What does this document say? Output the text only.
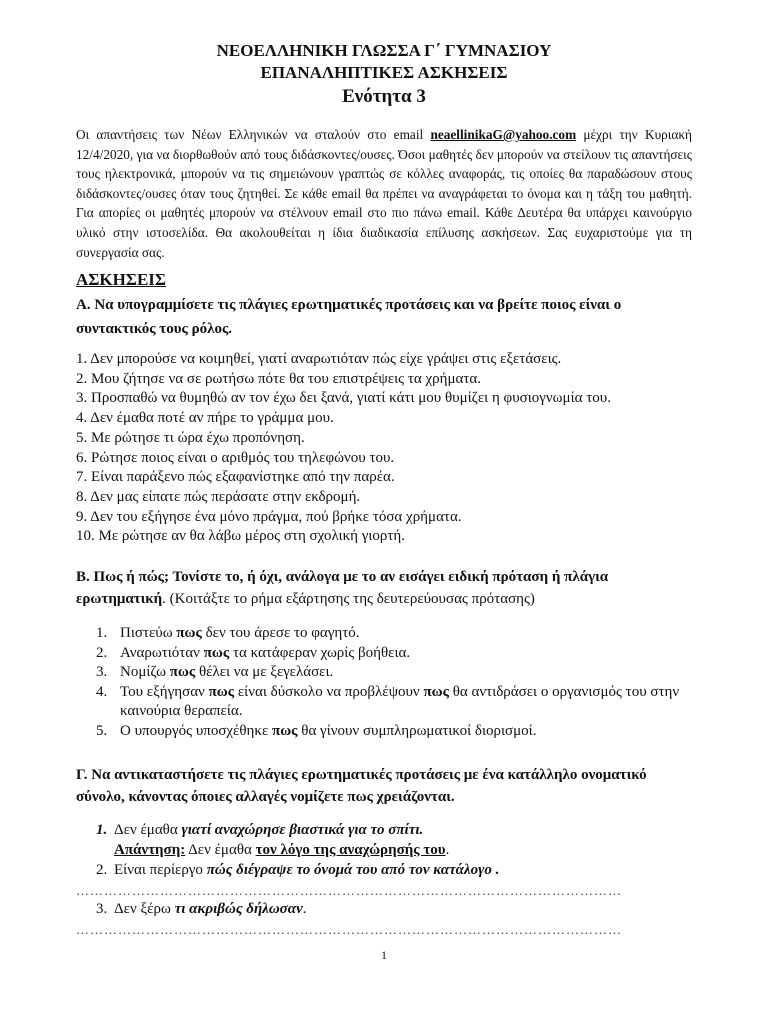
ΝΕΟΕΛΛΗΝΙΚΗ ΓΛΩΣΣΑ Γ΄ ΓΥΜΝΑΣΙΟΥ
ΕΠΑΝΑΛΗΠΤΙΚΕΣ ΑΣΚΗΣΕΙΣ
Ενότητα 3

Οι απαντήσεις των Νέων Ελληνικών να σταλούν στο email neaellinikaG@yahoo.com μέχρι την Κυριακή 12/4/2020, για να διορθωθούν από τους διδάσκοντες/ουσες. Όσοι μαθητές δεν μπορούν να στείλουν τις απαντήσεις τους ηλεκτρονικά, μπορούν να τις σημειώνουν γραπτώς σε κόλλες αναφοράς, τις οποίες θα παραδώσουν στους διδάσκοντες/ουσες όταν τους ζητηθεί. Σε κάθε email θα πρέπει να αναγράφεται το όνομα και η τάξη του μαθητή. Για απορίες οι μαθητές μπορούν να στέλνουν email στο πιο πάνω email. Κάθε Δευτέρα θα υπάρχει καινούργιο υλικό στην ιστοσελίδα. Θα ακολουθείται η ίδια διαδικασία επίλυσης ασκήσεων. Σας ευχαριστούμε για τη συνεργασία σας.

ΑΣΚΗΣΕΙΣ

Α. Να υπογραμμίσετε τις πλάγιες ερωτηματικές προτάσεις και να βρείτε ποιος είναι ο συντακτικός τους ρόλος.

1. Δεν μπορούσε να κοιμηθεί, γιατί αναρωτιόταν πώς είχε γράψει στις εξετάσεις.
2. Μου ζήτησε να σε ρωτήσω πότε θα του επιστρέψεις τα χρήματα.
3. Προσπαθώ να θυμηθώ αν τον έχω δει ξανά, γιατί κάτι μου θυμίζει η φυσιογνωμία του.
4. Δεν έμαθα ποτέ αν πήρε το γράμμα μου.
5. Με ρώτησε τι ώρα έχω προπόνηση.
6. Ρώτησε ποιος είναι ο αριθμός του τηλεφώνου του.
7. Είναι παράξενο πώς εξαφανίστηκε από την παρέα.
8. Δεν μας είπατε πώς περάσατε στην εκδρομή.
9. Δεν του εξήγησε ένα μόνο πράγμα, πού βρήκε τόσα χρήματα.
10. Με ρώτησε αν θα λάβω μέρος στη σχολική γιορτή.

Β. Πως ή πώς; Τονίστε το, ή όχι, ανάλογα με το αν εισάγει ειδική πρόταση ή πλάγια ερωτηματική. (Κοιτάξτε το ρήμα εξάρτησης της δευτερεύουσας πρότασης)

1. Πιστεύω πως δεν του άρεσε το φαγητό.
2. Αναρωτιόταν πως τα κατάφεραν χωρίς βοήθεια.
3. Νομίζω πως θέλει να με ξεγελάσει.
4. Του εξήγησαν πως είναι δύσκολο να προβλέψουν πως θα αντιδράσει ο οργανισμός του στην καινούρια θεραπεία.
5. Ο υπουργός υποσχέθηκε πως θα γίνουν συμπληρωματικοί διορισμοί.

Γ. Να αντικαταστήσετε τις πλάγιες ερωτηματικές προτάσεις με ένα κατάλληλο ονοματικό σύνολο, κάνοντας όποιες αλλαγές νομίζετε πως χρειάζονται.

1. Δεν έμαθα γιατί αναχώρησε βιαστικά για το σπίτι.
Απάντηση: Δεν έμαθα τον λόγο της αναχώρησής του.
2. Είναι περίεργο πώς διέγραψε το όνομά του από τον κατάλογο .
………………………………………………………………………………………………………
3. Δεν ξέρω τι ακριβώς δήλωσαν.
………………………………………………………………………………………………………
1
